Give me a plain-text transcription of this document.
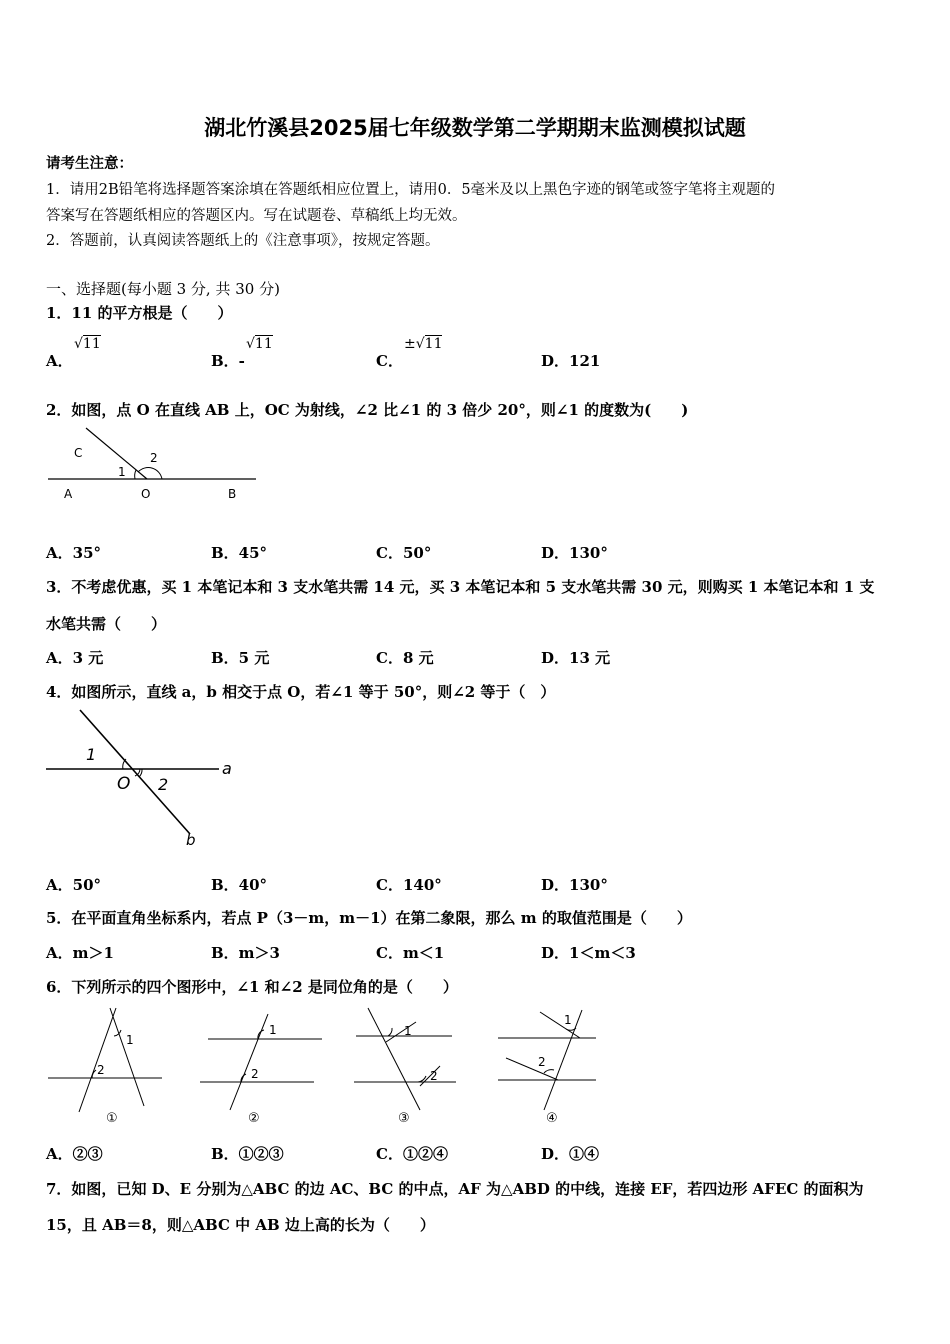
湖北竹溪县2025届七年级数学第二学期期末监测模拟试题
请考生注意：
1．请用2B铅笔将选择题答案涂填在答题纸相应位置上，请用0．5毫米及以上黑色字迹的钢笔或签字笔将主观题的
答案写在答题纸相应的答题区内。写在试题卷、草稿纸上均无效。
2．答题前，认真阅读答题纸上的《注意事项》，按规定答题。
一、选择题(每小题 3 分, 共 30 分)
1．11 的平方根是（　　）
A．
√11
B．-
√11
C．
±√11
D．121
2．如图，点 O 在直线 AB 上，OC 为射线，∠2 比∠1 的 3 倍少 20°，则∠1 的度数为(　　)
C
1
2
A	O	B
A．35°	B．45°	C．50°	D．130°
3．不考虑优惠，买 1 本笔记本和 3 支水笔共需 14 元，买 3 本笔记本和 5 支水笔共需 30 元，则购买 1 本笔记本和 1 支
水笔共需（　　）
A．3 元	B．5 元	C．8 元	D．13 元
4．如图所示，直线 a，b 相交于点 O，若∠1 等于 50°，则∠2 等于（　）
1
2
O
a
b
A．50°	B．40°	C．140°	D．130°
5．在平面直角坐标系内，若点 P（3－m，m－1）在第二象限，那么 m 的取值范围是（　　）
A．m＞1	B．m＞3	C．m＜1	D．1＜m＜3
6．下列所示的四个图形中，∠1 和∠2 是同位角的是（　　）
1
2
①
1
2
②
1
2
③
1
2
④
A．②③	B．①②③	C．①②④	D．①④
7．如图，已知 D、E 分别为△ABC 的边 AC、BC 的中点，AF 为△ABD 的中线，连接 EF，若四边形 AFEC 的面积为
15，且 AB＝8，则△ABC 中 AB 边上高的长为（　　）
